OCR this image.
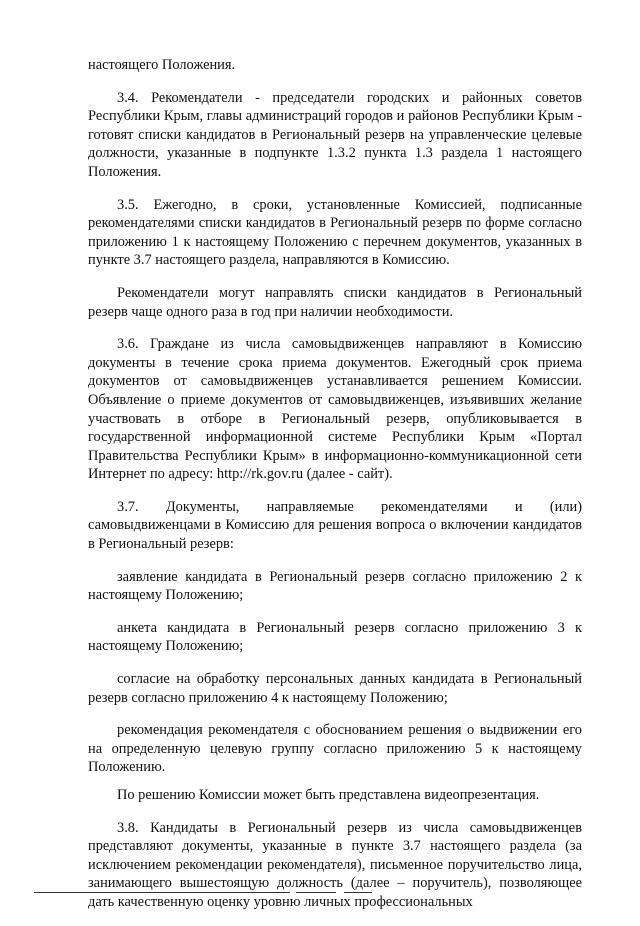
настоящего Положения.

3.4. Рекомендатели - председатели городских и районных советов Республики Крым, главы администраций городов и районов Республики Крым - готовят списки кандидатов в Региональный резерв на управленческие целевые должности, указанные в подпункте 1.3.2 пункта 1.3 раздела 1 настоящего Положения.

3.5. Ежегодно, в сроки, установленные Комиссией, подписанные рекомендателями списки кандидатов в Региональный резерв по форме согласно приложению 1 к настоящему Положению с перечнем документов, указанных в пункте 3.7 настоящего раздела, направляются в Комиссию.

Рекомендатели могут направлять списки кандидатов в Региональный резерв чаще одного раза в год при наличии необходимости.

3.6. Граждане из числа самовыдвиженцев направляют в Комиссию документы в течение срока приема документов. Ежегодный срок приема документов от самовыдвиженцев устанавливается решением Комиссии. Объявление о приеме документов от самовыдвиженцев, изъявивших желание участвовать в отборе в Региональный резерв, опубликовывается в государственной информационной системе Республики Крым «Портал Правительства Республики Крым» в информационно-коммуникационной сети Интернет по адресу: http://rk.gov.ru (далее - сайт).

3.7. Документы, направляемые рекомендателями и (или) самовыдвиженцами в Комиссию для решения вопроса о включении кандидатов в Региональный резерв:

заявление кандидата в Региональный резерв согласно приложению 2 к настоящему Положению;

анкета кандидата в Региональный резерв согласно приложению 3 к настоящему Положению;

согласие на обработку персональных данных кандидата в Региональный резерв согласно приложению 4 к настоящему Положению;

рекомендация рекомендателя с обоснованием решения о выдвижении его на определенную целевую группу согласно приложению 5 к настоящему Положению.

По решению Комиссии может быть представлена видеопрезентация.

3.8. Кандидаты в Региональный резерв из числа самовыдвиженцев представляют документы, указанные в пункте 3.7 настоящего раздела (за исключением рекомендации рекомендателя), письменное поручительство лица, занимающего вышестоящую должность (далее – поручитель), позволяющее дать качественную оценку уровню личных профессиональных
